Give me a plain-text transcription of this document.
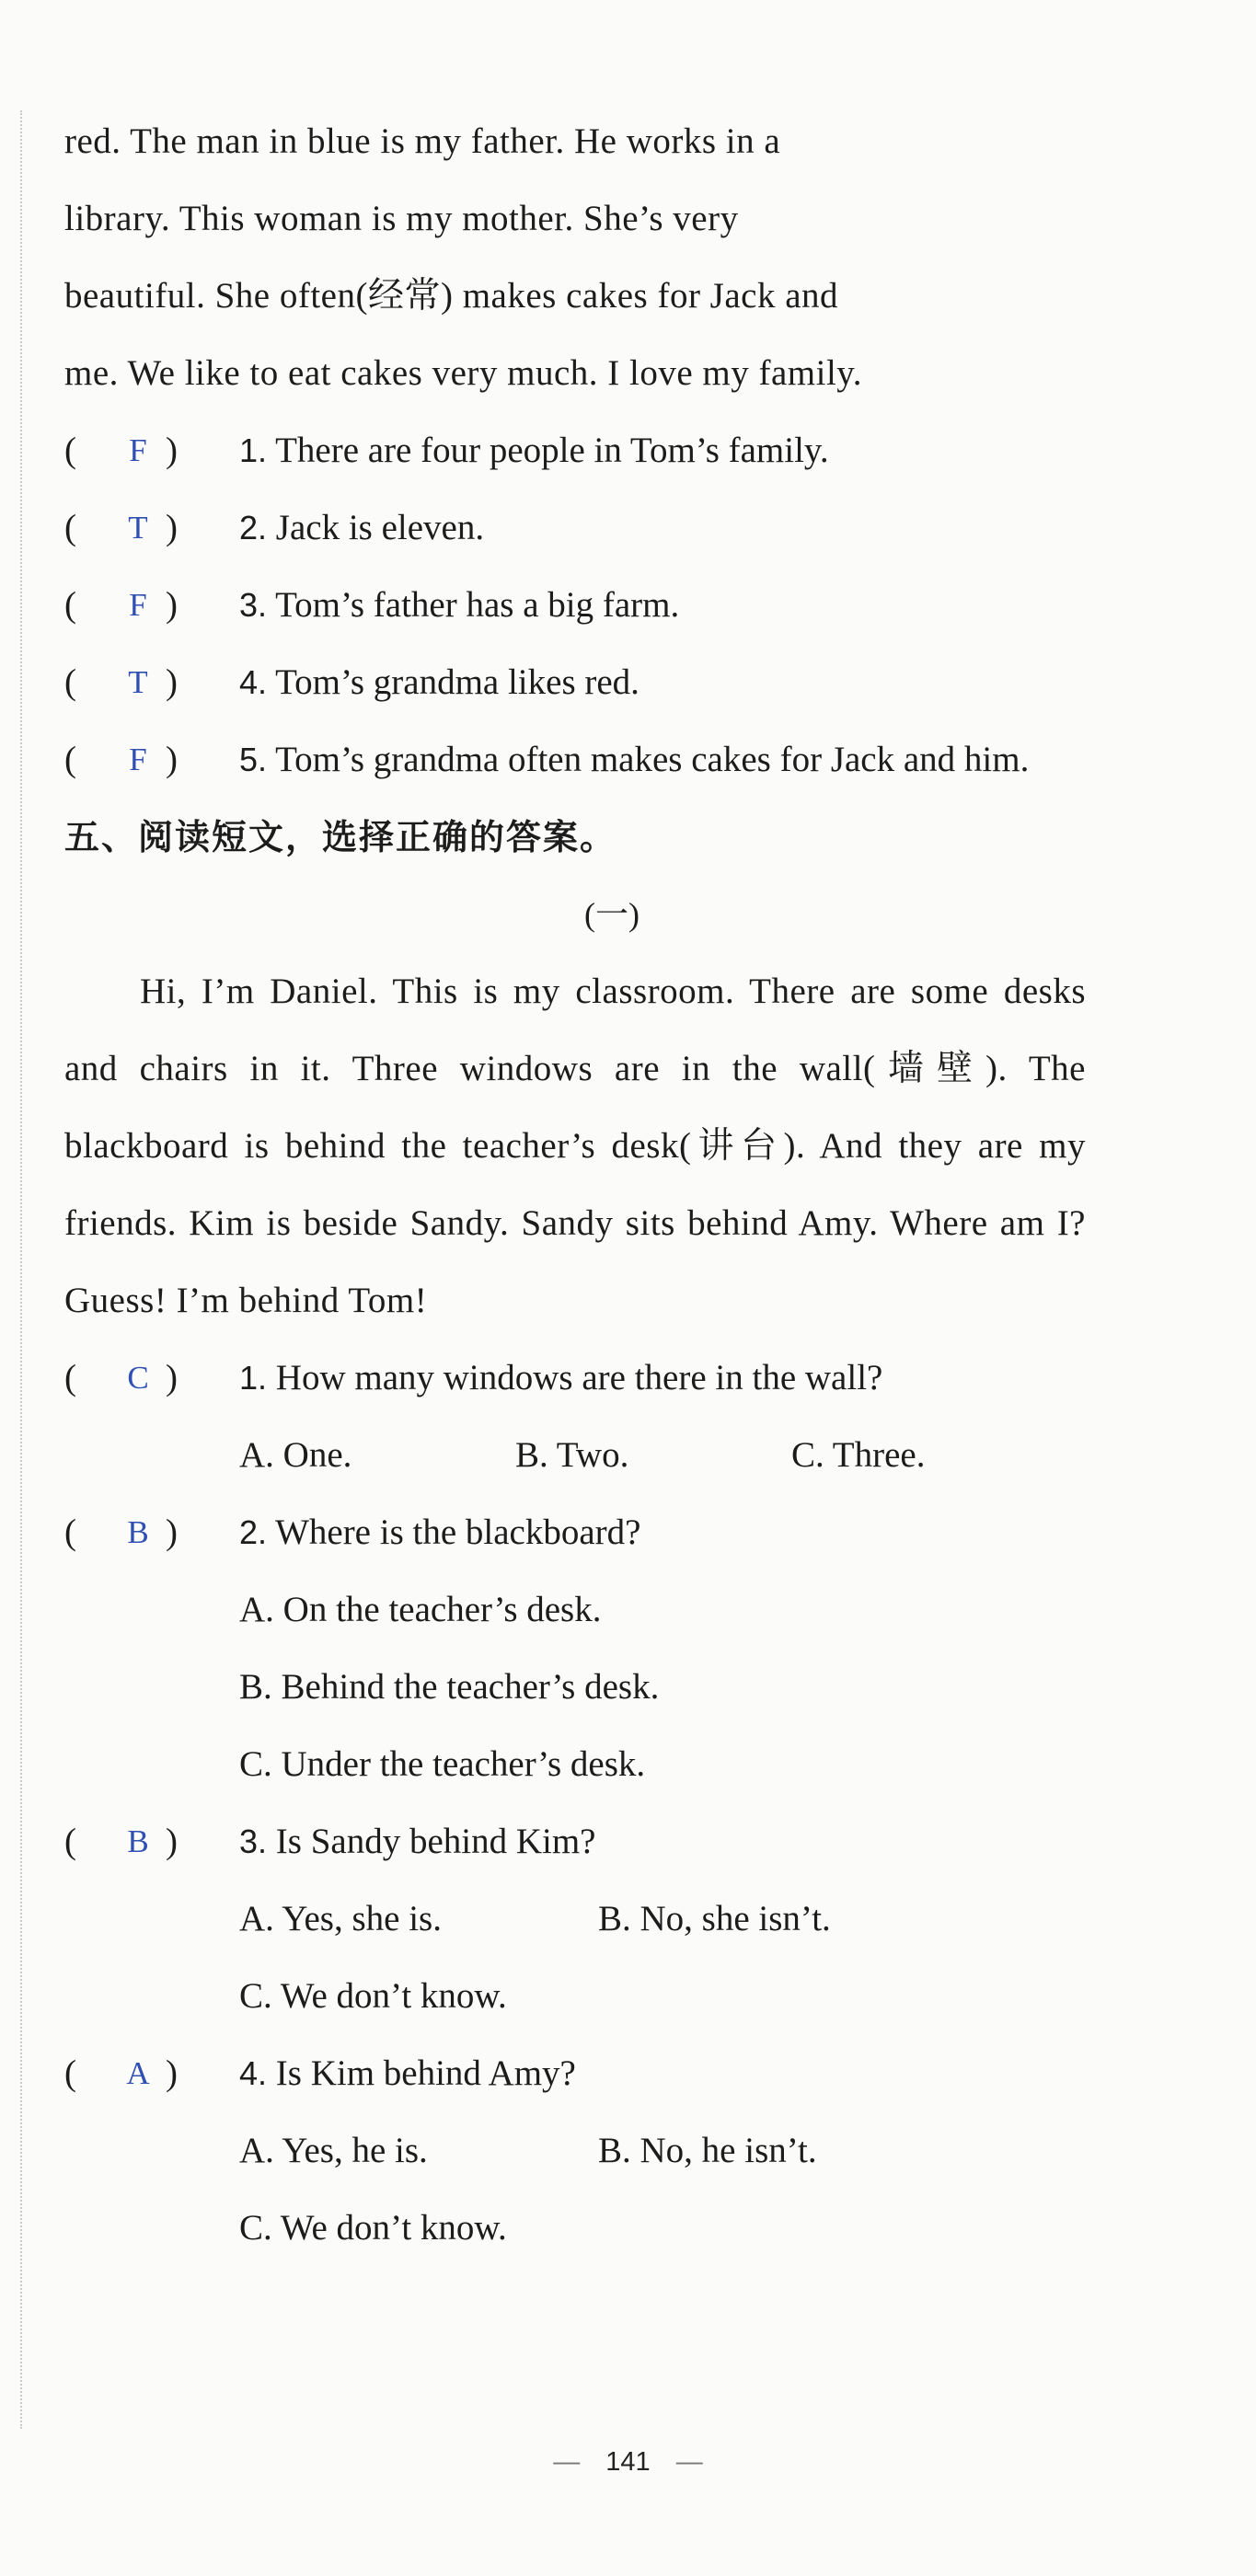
red. The man in blue is my father. He works in a
library. This woman is my mother. She’s very
beautiful. She often(经常) makes cakes for Jack and
me. We like to eat cakes very much. I love my family.
(	F )	1. There are four people in Tom’s family.
(	T )	2. Jack is eleven.
(	F )	3. Tom’s father has a big farm.
(	T )	4. Tom’s grandma likes red.
(	F )	5. Tom’s grandma often makes cakes for Jack and him.
五、阅读短文，选择正确的答案。
(一)
Hi, I’m Daniel. This is my classroom. There are some desks and chairs in it. Three windows are in the wall(墙壁). The blackboard is behind the teacher’s desk(讲台). And they are my friends. Kim is beside Sandy. Sandy sits behind Amy. Where am I? Guess! I’m behind Tom!
(	C )	1. How many windows are there in the wall?
A. One.	B. Two.	C. Three.
(	B )	2. Where is the blackboard?
A. On the teacher’s desk.
B. Behind the teacher’s desk.
C. Under the teacher’s desk.
(	B )	3. Is Sandy behind Kim?
A. Yes, she is.	B. No, she isn’t.
C. We don’t know.
(	A )	4. Is Kim behind Amy?
A. Yes, he is.	B. No, he isn’t.
C. We don’t know.
— 141 —
